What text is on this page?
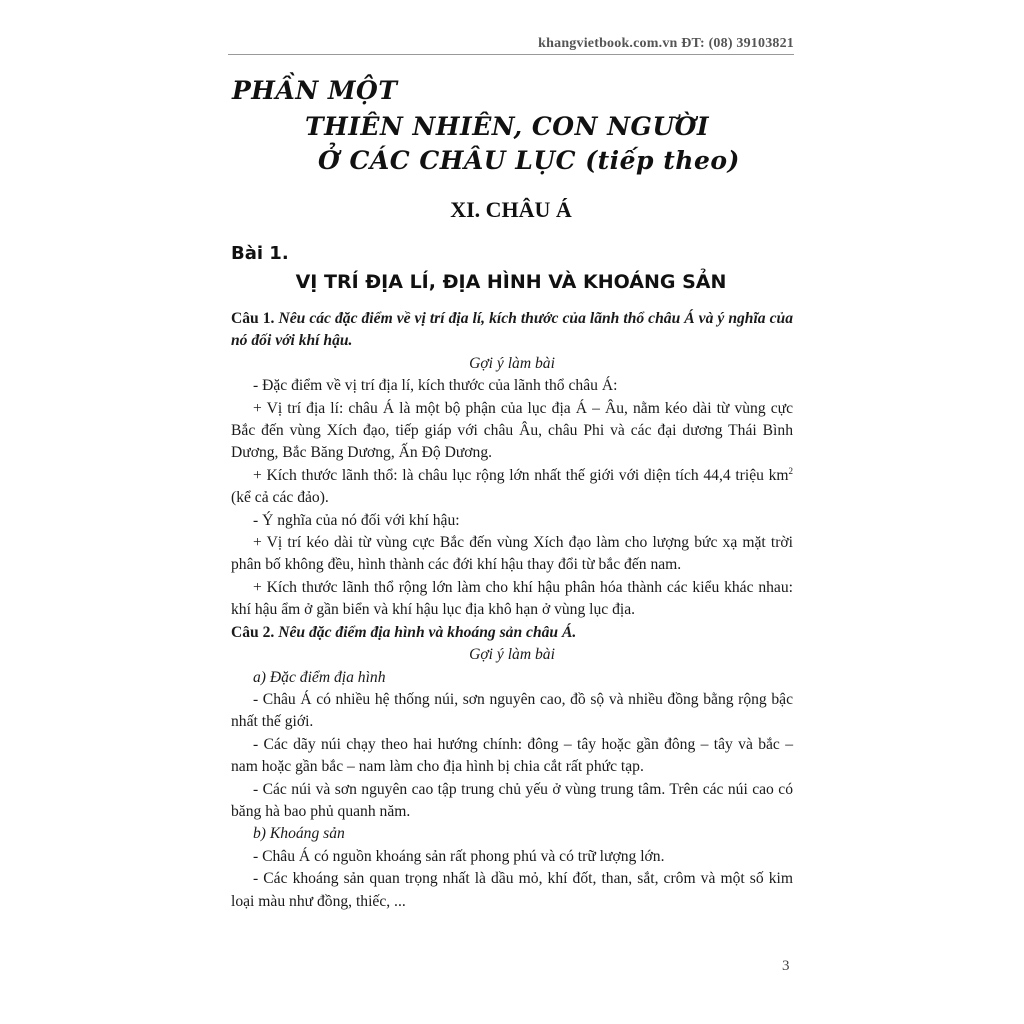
khangvietbook.com.vn ĐT: (08) 39103821
PHẦN MỘT
THIÊN NHIÊN, CON NGƯỜI
Ở CÁC CHÂU LỤC (tiếp theo)
XI. CHÂU Á
Bài 1.
VỊ TRÍ ĐỊA LÍ, ĐỊA HÌNH VÀ KHOÁNG SẢN

Câu 1. Nêu các đặc điểm về vị trí địa lí, kích thước của lãnh thổ châu Á và ý nghĩa của nó đối với khí hậu.

Gợi ý làm bài

- Đặc điểm về vị trí địa lí, kích thước của lãnh thổ châu Á:

+ Vị trí địa lí: châu Á là một bộ phận của lục địa Á – Âu, nằm kéo dài từ vùng cực Bắc đến vùng Xích đạo, tiếp giáp với châu Âu, châu Phi và các đại dương Thái Bình Dương, Bắc Băng Dương, Ấn Độ Dương.

+ Kích thước lãnh thổ: là châu lục rộng lớn nhất thế giới với diện tích 44,4 triệu $km^2$ (kể cả các đảo).

- Ý nghĩa của nó đối với khí hậu:

+ Vị trí kéo dài từ vùng cực Bắc đến vùng Xích đạo làm cho lượng bức xạ mặt trời phân bố không đều, hình thành các đới khí hậu thay đổi từ bắc đến nam.

+ Kích thước lãnh thổ rộng lớn làm cho khí hậu phân hóa thành các kiểu khác nhau: khí hậu ẩm ở gần biển và khí hậu lục địa khô hạn ở vùng lục địa.

Câu 2. Nêu đặc điểm địa hình và khoáng sản châu Á.

Gợi ý làm bài

a) Đặc điểm địa hình

- Châu Á có nhiều hệ thống núi, sơn nguyên cao, đồ sộ và nhiều đồng bằng rộng bậc nhất thế giới.

- Các dãy núi chạy theo hai hướng chính: đông – tây hoặc gần đông – tây và bắc – nam hoặc gần bắc – nam làm cho địa hình bị chia cắt rất phức tạp.

- Các núi và sơn nguyên cao tập trung chủ yếu ở vùng trung tâm. Trên các núi cao có băng hà bao phủ quanh năm.

b) Khoáng sản

- Châu Á có nguồn khoáng sản rất phong phú và có trữ lượng lớn.

- Các khoáng sản quan trọng nhất là dầu mỏ, khí đốt, than, sắt, crôm và một số kim loại màu như đồng, thiếc, ...

3
